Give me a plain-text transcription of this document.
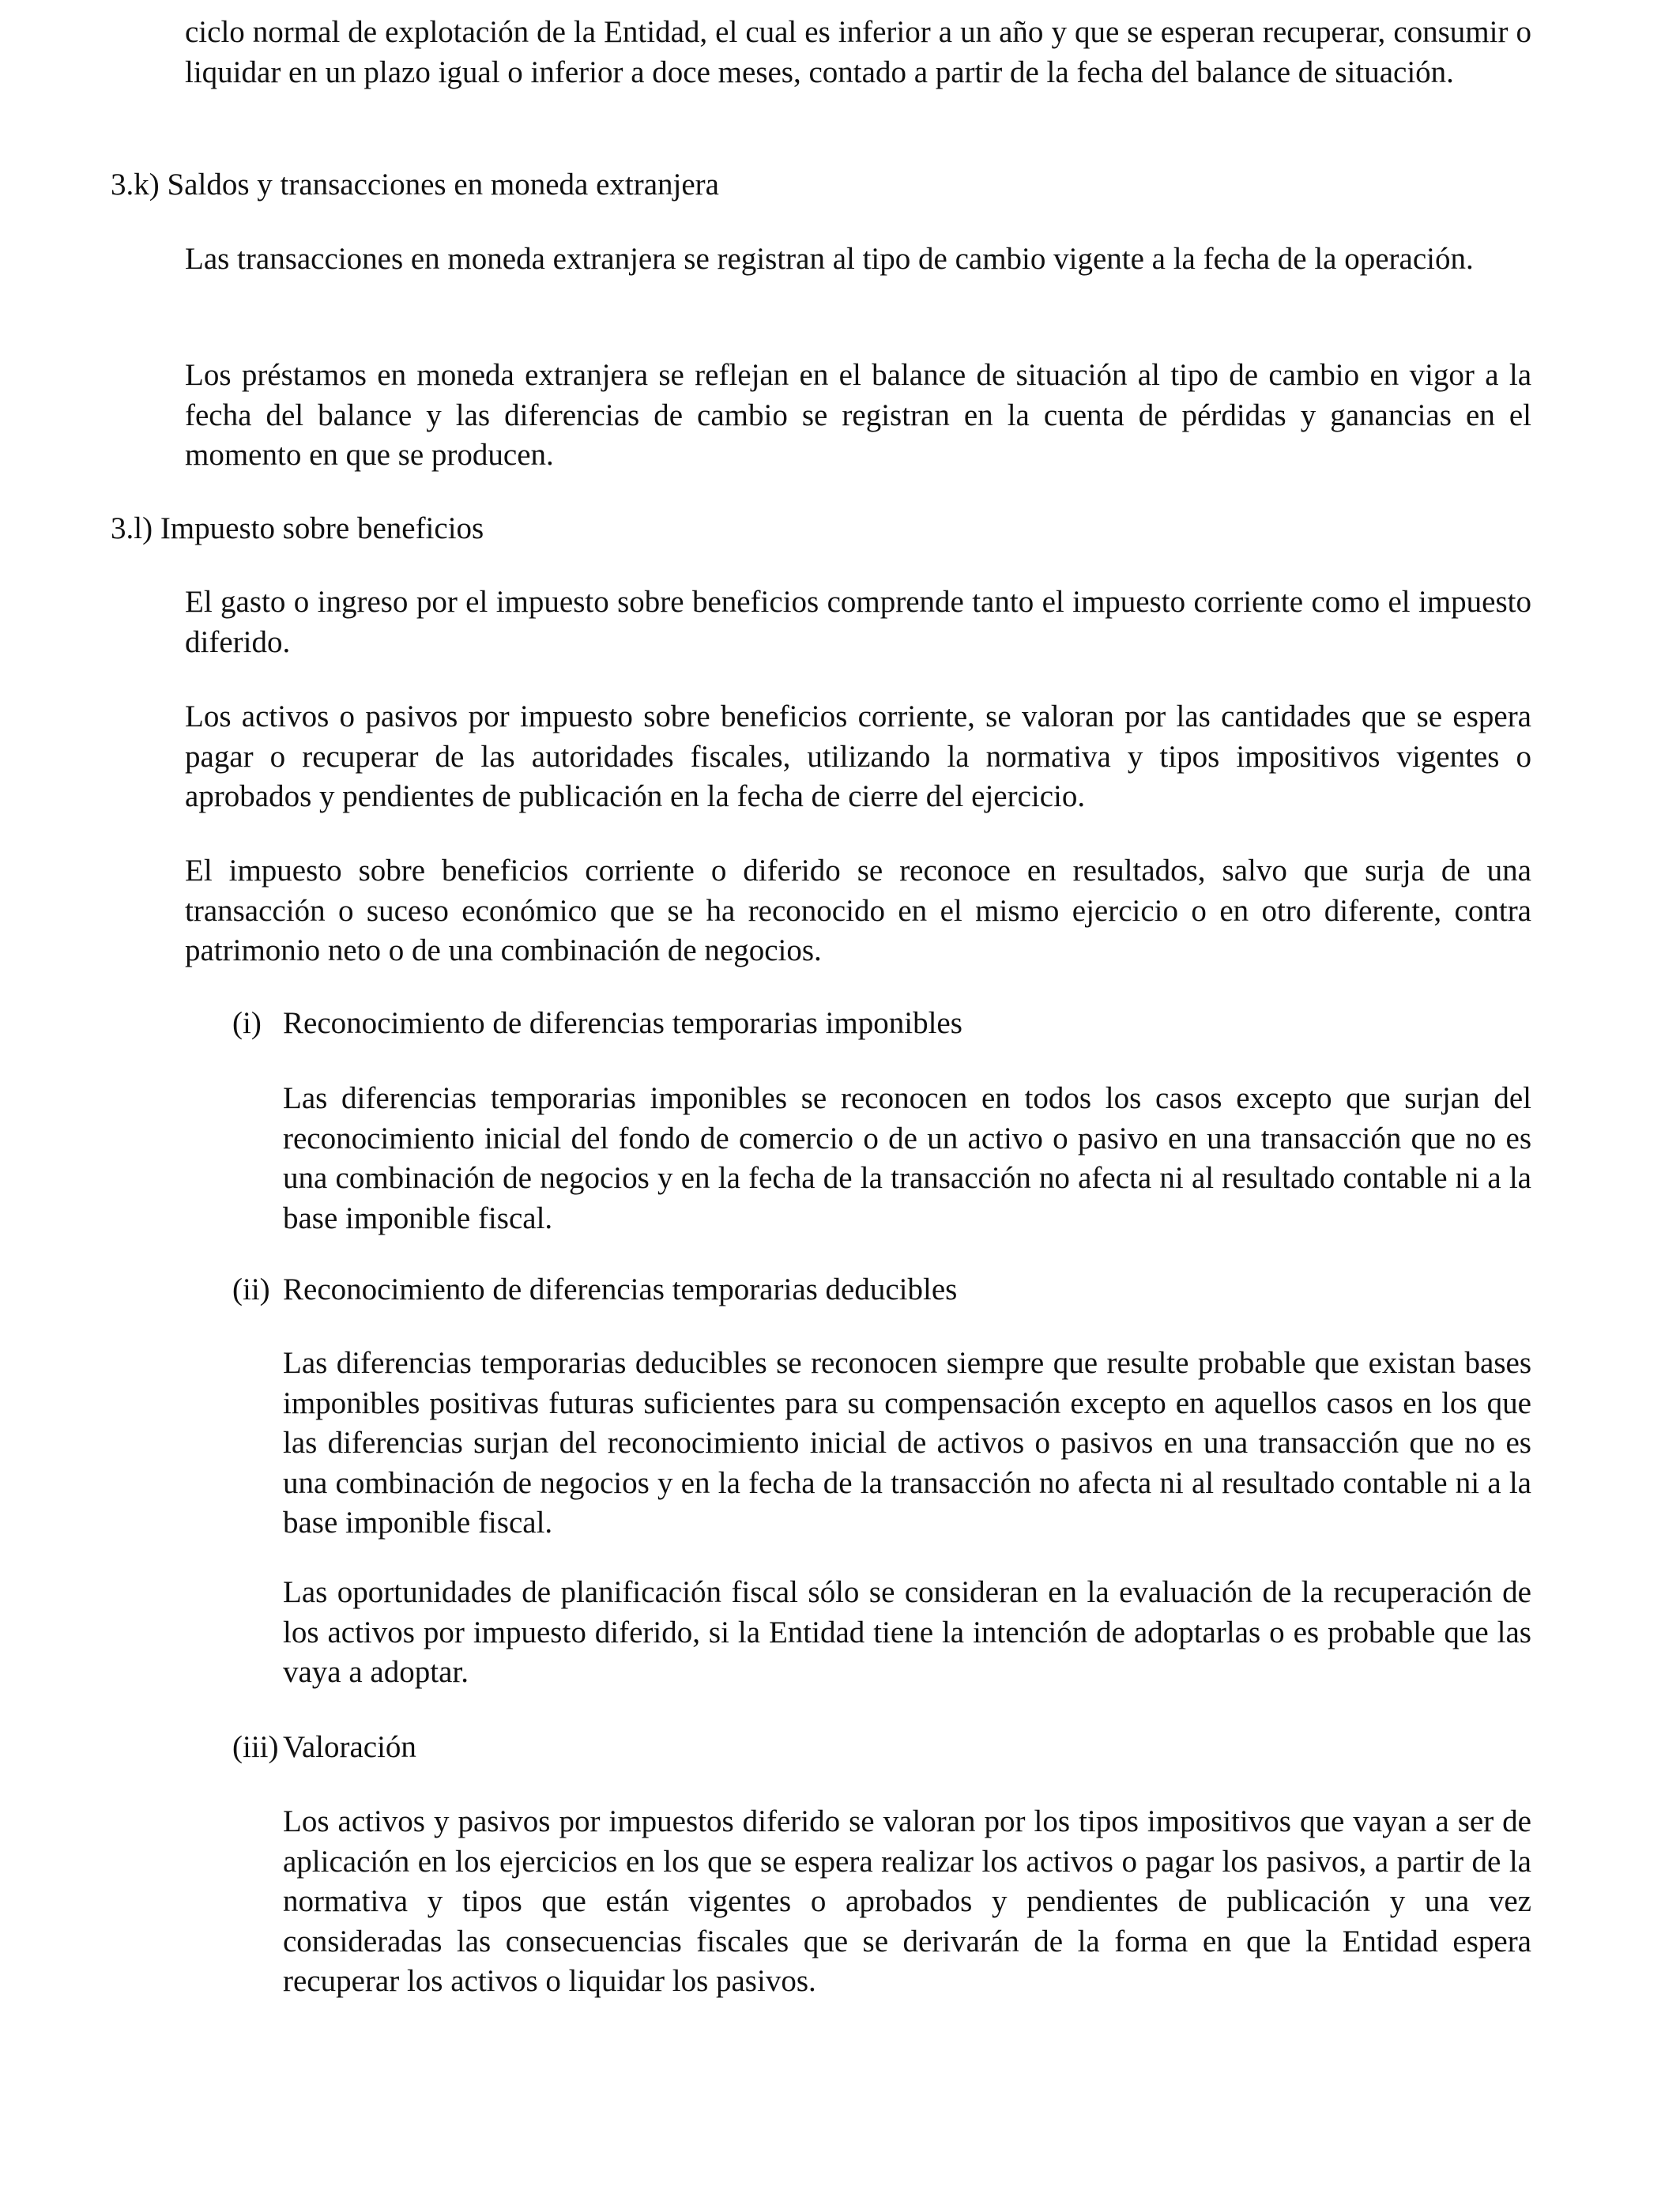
ciclo normal de explotación de la Entidad, el cual es inferior a un año y que se esperan recuperar, consumir o liquidar en un plazo igual o inferior a doce meses, contado a partir de la fecha del balance de situación.

3.k) Saldos y transacciones en moneda extranjera

Las transacciones en moneda extranjera se registran al tipo de cambio vigente a la fecha de la operación.

Los préstamos en moneda extranjera se reflejan en el balance de situación al tipo de cambio en vigor a la fecha del balance y las diferencias de cambio se registran en la cuenta de pérdidas y ganancias en el momento en que se producen.

3.l) Impuesto sobre beneficios

El gasto o ingreso por el impuesto sobre beneficios comprende tanto el impuesto corriente como el impuesto diferido.

Los activos o pasivos por impuesto sobre beneficios corriente, se valoran por las cantidades que se espera pagar o recuperar de las autoridades fiscales, utilizando la normativa y tipos impositivos vigentes o aprobados y pendientes de publicación en la fecha de cierre del ejercicio.

El impuesto sobre beneficios corriente o diferido se reconoce en resultados, salvo que surja de una transacción o suceso económico que se ha reconocido en el mismo ejercicio o en otro diferente, contra patrimonio neto o de una combinación de negocios.

(i) Reconocimiento de diferencias temporarias imponibles

Las diferencias temporarias imponibles se reconocen en todos los casos excepto que surjan del reconocimiento inicial del fondo de comercio o de un activo o pasivo en una transacción que no es una combinación de negocios y en la fecha de la transacción no afecta ni al resultado contable ni a la base imponible fiscal.

(ii) Reconocimiento de diferencias temporarias deducibles

Las diferencias temporarias deducibles se reconocen siempre que resulte probable que existan bases imponibles positivas futuras suficientes para su compensación excepto en aquellos casos en los que las diferencias surjan del reconocimiento inicial de activos o pasivos en una transacción que no es una combinación de negocios y en la fecha de la transacción no afecta ni al resultado contable ni a la base imponible fiscal.

Las oportunidades de planificación fiscal sólo se consideran en la evaluación de la recuperación de los activos por impuesto diferido, si la Entidad tiene la intención de adoptarlas o es probable que las vaya a adoptar.

(iii) Valoración

Los activos y pasivos por impuestos diferido se valoran por los tipos impositivos que vayan a ser de aplicación en los ejercicios en los que se espera realizar los activos o pagar los pasivos, a partir de la normativa y tipos que están vigentes o aprobados y pendientes de publicación y una vez consideradas las consecuencias fiscales que se derivarán de la forma en que la Entidad espera recuperar los activos o liquidar los pasivos.
